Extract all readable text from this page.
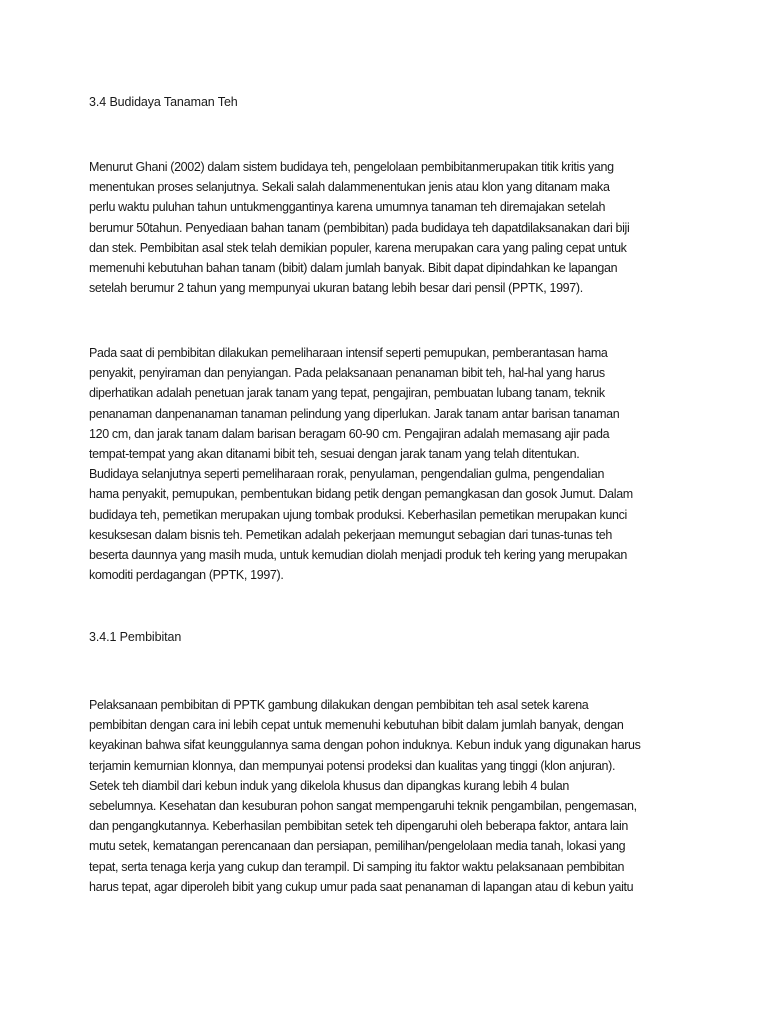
3.4 Budidaya Tanaman Teh

Menurut Ghani (2002) dalam sistem budidaya teh, pengelolaan pembibitanmerupakan titik kritis yang
menentukan proses selanjutnya. Sekali salah dalammenentukan jenis atau klon yang ditanam maka
perlu waktu puluhan tahun untukmenggantinya karena umumnya tanaman teh diremajakan setelah
berumur 50tahun. Penyediaan bahan tanam (pembibitan) pada budidaya teh dapatdilaksanakan dari biji
dan stek. Pembibitan asal stek telah demikian populer, karena merupakan cara yang paling cepat untuk
memenuhi kebutuhan bahan tanam (bibit) dalam jumlah banyak. Bibit dapat dipindahkan ke lapangan
setelah berumur 2 tahun yang mempunyai ukuran batang lebih besar dari pensil (PPTK, 1997).

Pada saat di pembibitan dilakukan pemeliharaan intensif seperti pemupukan, pemberantasan hama
penyakit, penyiraman dan penyiangan. Pada pelaksanaan penanaman bibit teh, hal-hal yang harus
diperhatikan adalah penetuan jarak tanam yang tepat, pengajiran, pembuatan lubang tanam, teknik
penanaman danpenanaman tanaman pelindung yang diperlukan. Jarak tanam antar barisan tanaman
120 cm, dan jarak tanam dalam barisan beragam 60-90 cm. Pengajiran adalah memasang ajir pada
tempat-tempat yang akan ditanami bibit teh, sesuai dengan jarak tanam yang telah ditentukan.
Budidaya selanjutnya seperti pemeliharaan rorak, penyulaman, pengendalian gulma, pengendalian
hama penyakit, pemupukan, pembentukan bidang petik dengan pemangkasan dan gosok Jumut. Dalam
budidaya teh, pemetikan merupakan ujung tombak produksi. Keberhasilan pemetikan merupakan kunci
kesuksesan dalam bisnis teh. Pemetikan adalah pekerjaan memungut sebagian dari tunas-tunas teh
beserta daunnya yang masih muda, untuk kemudian diolah menjadi produk teh kering yang merupakan
komoditi perdagangan (PPTK, 1997).

3.4.1 Pembibitan

Pelaksanaan pembibitan di PPTK gambung dilakukan dengan pembibitan teh asal setek karena
pembibitan dengan cara ini lebih cepat untuk memenuhi kebutuhan bibit dalam jumlah banyak, dengan
keyakinan bahwa sifat keunggulannya sama dengan pohon induknya. Kebun induk yang digunakan harus
terjamin kemurnian klonnya, dan mempunyai potensi prodeksi dan kualitas yang tinggi (klon anjuran).
Setek teh diambil dari kebun induk yang dikelola khusus dan dipangkas kurang lebih 4 bulan
sebelumnya. Kesehatan dan kesuburan pohon sangat mempengaruhi teknik pengambilan, pengemasan,
dan pengangkutannya. Keberhasilan pembibitan setek teh dipengaruhi oleh beberapa faktor, antara lain
mutu setek, kematangan perencanaan dan persiapan, pemilihan/pengelolaan media tanah, lokasi yang
tepat, serta tenaga kerja yang cukup dan terampil. Di samping itu faktor waktu pelaksanaan pembibitan
harus tepat, agar diperoleh bibit yang cukup umur pada saat penanaman di lapangan atau di kebun yaitu
